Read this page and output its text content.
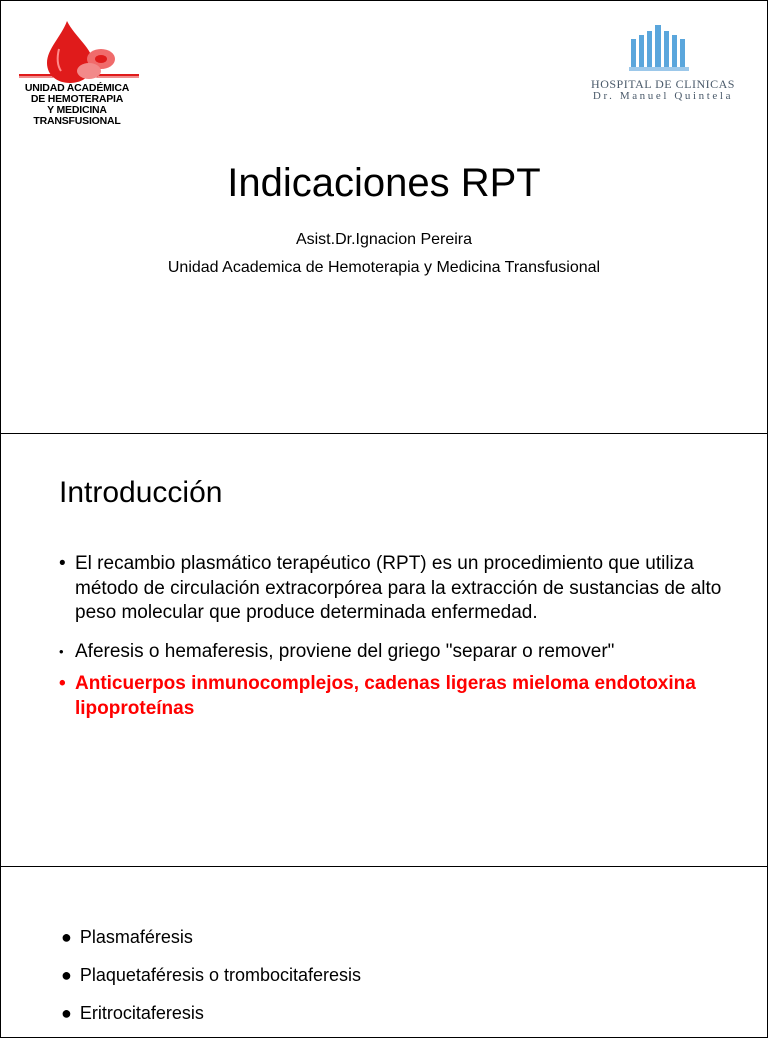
UNIDAD ACADÉMICA
DE HEMOTERAPIA
Y MEDICINA
TRANSFUSIONAL
HOSPITAL DE CLINICAS
Dr. Manuel Quintela
Indicaciones RPT
Asist.Dr.Ignacion Pereira
Unidad Academica de Hemoterapia y Medicina Transfusional
Introducción
• El recambio plasmático terapéutico (RPT) es un procedimiento que utiliza método de circulación extracorpórea para la extracción de sustancias de alto peso molecular que produce determinada enfermedad.
• Aferesis o hemaferesis, proviene del griego "separar o remover"
• Anticuerpos inmunocomplejos, cadenas ligeras mieloma endotoxina lipoproteínas
● Plasmaféresis
● Plaquetaféresis o trombocitaferesis
● Eritrocitaferesis
